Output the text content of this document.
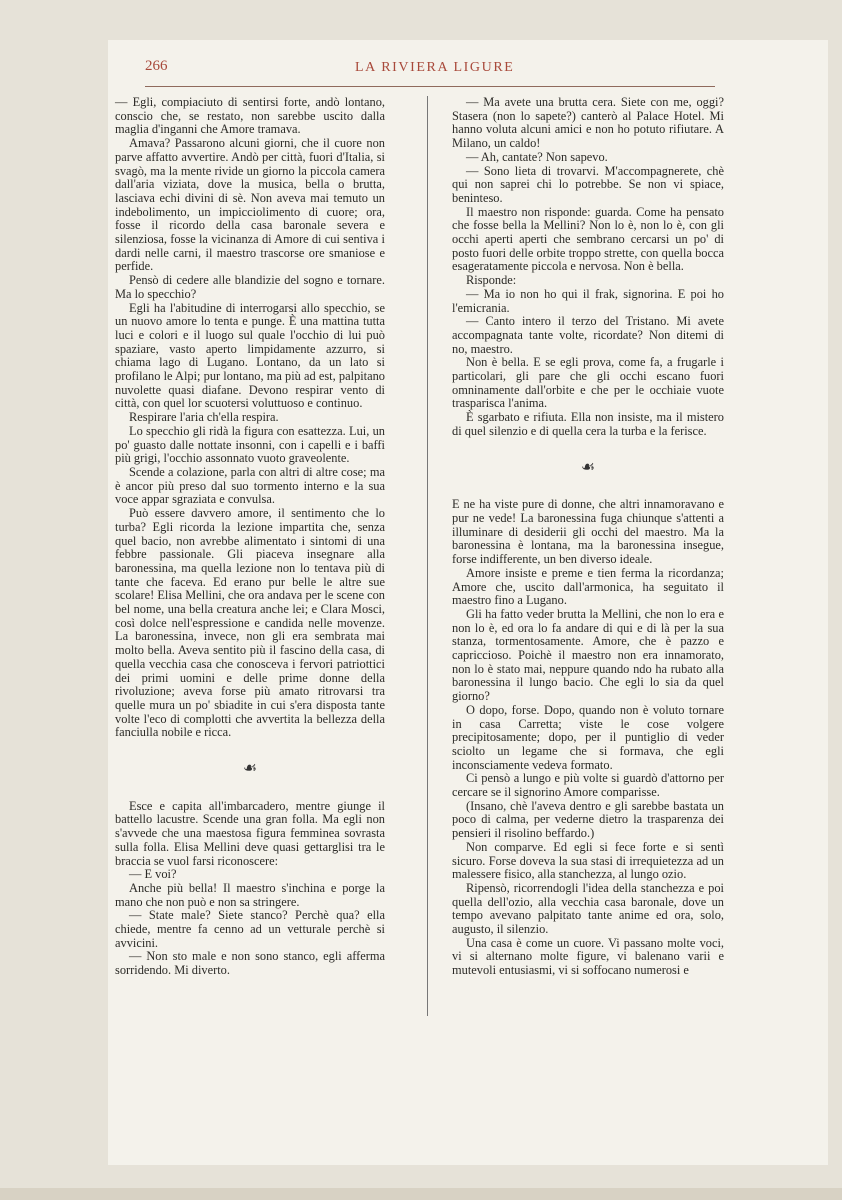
266	LA RIVIERA LIGURE

— Egli, compiaciuto di sentirsi forte, andò lontano, conscio che, se restato, non sarebbe uscito dalla maglia d'inganni che Amore tramava.

Amava? Passarono alcuni giorni, che il cuore non parve affatto avvertire. Andò per città, fuori d'Italia, si svagò, ma la mente rivide un giorno la piccola camera dall'aria viziata, dove la musica, bella o brutta, lasciava echi divini di sè. Non aveva mai temuto un indebolimento, un impicciolimento di cuore; ora, fosse il ricordo della casa baronale severa e silenziosa, fosse la vicinanza di Amore di cui sentiva i dardi nelle carni, il maestro trascorse ore smaniose e perfide.

Pensò di cedere alle blandizie del sogno e tornare. Ma lo specchio?

Egli ha l'abitudine di interrogarsi allo specchio, se un nuovo amore lo tenta e punge. È una mattina tutta luci e colori e il luogo sul quale l'occhio di lui può spaziare, vasto aperto limpidamente azzurro, si chiama lago di Lugano. Lontano, da un lato si profilano le Alpi; pur lontano, ma più ad est, palpitano nuvolette quasi diafane. Devono respirar vento di città, con quel lor scuotersi voluttuoso e continuo.

Respirare l'aria ch'ella respira.

Lo specchio gli ridà la figura con esattezza. Lui, un po' guasto dalle nottate insonni, con i capelli e i baffi più grigi, l'occhio assonnato vuoto graveolente.

Scende a colazione, parla con altri di altre cose; ma è ancor più preso dal suo tormento interno e la sua voce appar sgraziata e convulsa.

Può essere davvero amore, il sentimento che lo turba? Egli ricorda la lezione impartita che, senza quel bacio, non avrebbe alimentato i sintomi di una febbre passionale. Gli piaceva insegnare alla baronessina, ma quella lezione non lo tentava più di tante che faceva. Ed erano pur belle le altre sue scolare! Elisa Mellini, che ora andava per le scene con bel nome, una bella creatura anche lei; e Clara Mosci, così dolce nell'espressione e candida nelle movenze. La baronessina, invece, non gli era sembrata mai molto bella. Aveva sentito più il fascino della casa, di quella vecchia casa che conosceva i fervori patriottici dei primi uomini e delle prime donne della rivoluzione; aveva forse più amato ritrovarsi tra quelle mura un po' sbiadite in cui s'era disposta tante volte l'eco di complotti che avvertita la bellezza della fanciulla nobile e ricca.

☙

Esce e capita all'imbarcadero, mentre giunge il battello lacustre. Scende una gran folla. Ma egli non s'avvede che una maestosa figura femminea sovrasta sulla folla. Elisa Mellini deve quasi gettarglisi tra le braccia se vuol farsi riconoscere:

— E voi?

Anche più bella! Il maestro s'inchina e porge la mano che non può e non sa stringere.

— State male? Siete stanco? Perchè qua? ella chiede, mentre fa cenno ad un vetturale perchè si avvicini.

— Non sto male e non sono stanco, egli afferma sorridendo. Mi diverto.

— Ma avete una brutta cera. Siete con me, oggi? Stasera (non lo sapete?) canterò al Palace Hotel. Mi hanno voluta alcuni amici e non ho potuto rifiutare. A Milano, un caldo!

— Ah, cantate? Non sapevo.

— Sono lieta di trovarvi. M'accompagnerete, chè qui non saprei chi lo potrebbe. Se non vi spiace, beninteso.

Il maestro non risponde: guarda. Come ha pensato che fosse bella la Mellini? Non lo è, non lo è, con gli occhi aperti aperti che sembrano cercarsi un po' di posto fuori delle orbite troppo strette, con quella bocca esageratamente piccola e nervosa. Non è bella.

Risponde:

— Ma io non ho qui il frak, signorina. E poi ho l'emicrania.

— Canto intero il terzo del Tristano. Mi avete accompagnata tante volte, ricordate? Non ditemi di no, maestro.

Non è bella. E se egli prova, come fa, a frugarle i particolari, gli pare che gli occhi escano fuori omninamente dall'orbite e che per le occhiaie vuote trasparisca l'anima.

È sgarbato e rifiuta. Ella non insiste, ma il mistero di quel silenzio e di quella cera la turba e la ferisce.

☙

E ne ha viste pure di donne, che altri innamoravano e pur ne vede! La baronessina fuga chiunque s'attenti a illuminare di desiderii gli occhi del maestro. Ma la baronessina è lontana, ma la baronessina insegue, forse indifferente, un ben diverso ideale.

Amore insiste e preme e tien ferma la ricordanza; Amore che, uscito dall'armonica, ha seguitato il maestro fino a Lugano.

Gli ha fatto veder brutta la Mellini, che non lo era e non lo è, ed ora lo fa andare di qui e di là per la sua stanza, tormentosamente. Amore, che è pazzo e capriccioso. Poichè il maestro non era innamorato, non lo è stato mai, neppure quando ndo ha rubato alla baronessina il lungo bacio. Che egli lo sia da quel giorno?

O dopo, forse. Dopo, quando non è voluto tornare in casa Carretta; viste le cose volgere precipitosamente; dopo, per il puntiglio di veder sciolto un legame che si formava, che egli inconsciamente vedeva formato.

Ci pensò a lungo e più volte si guardò d'attorno per cercare se il signorino Amore comparisse.

(Insano, chè l'aveva dentro e gli sarebbe bastata un poco di calma, per vederne dietro la trasparenza dei pensieri il risolino beffardo.)

Non comparve. Ed egli si fece forte e si sentì sicuro. Forse doveva la sua stasi di irrequietezza ad un malessere fisico, alla stanchezza, al lungo ozio.

Ripensò, ricorrendogli l'idea della stanchezza e poi quella dell'ozio, alla vecchia casa baronale, dove un tempo avevano palpitato tante anime ed ora, solo, augusto, il silenzio.

Una casa è come un cuore. Vi passano molte voci, vi si alternano molte figure, vi balenano varii e mutevoli entusiasmi, vi si soffocano numerosi e
